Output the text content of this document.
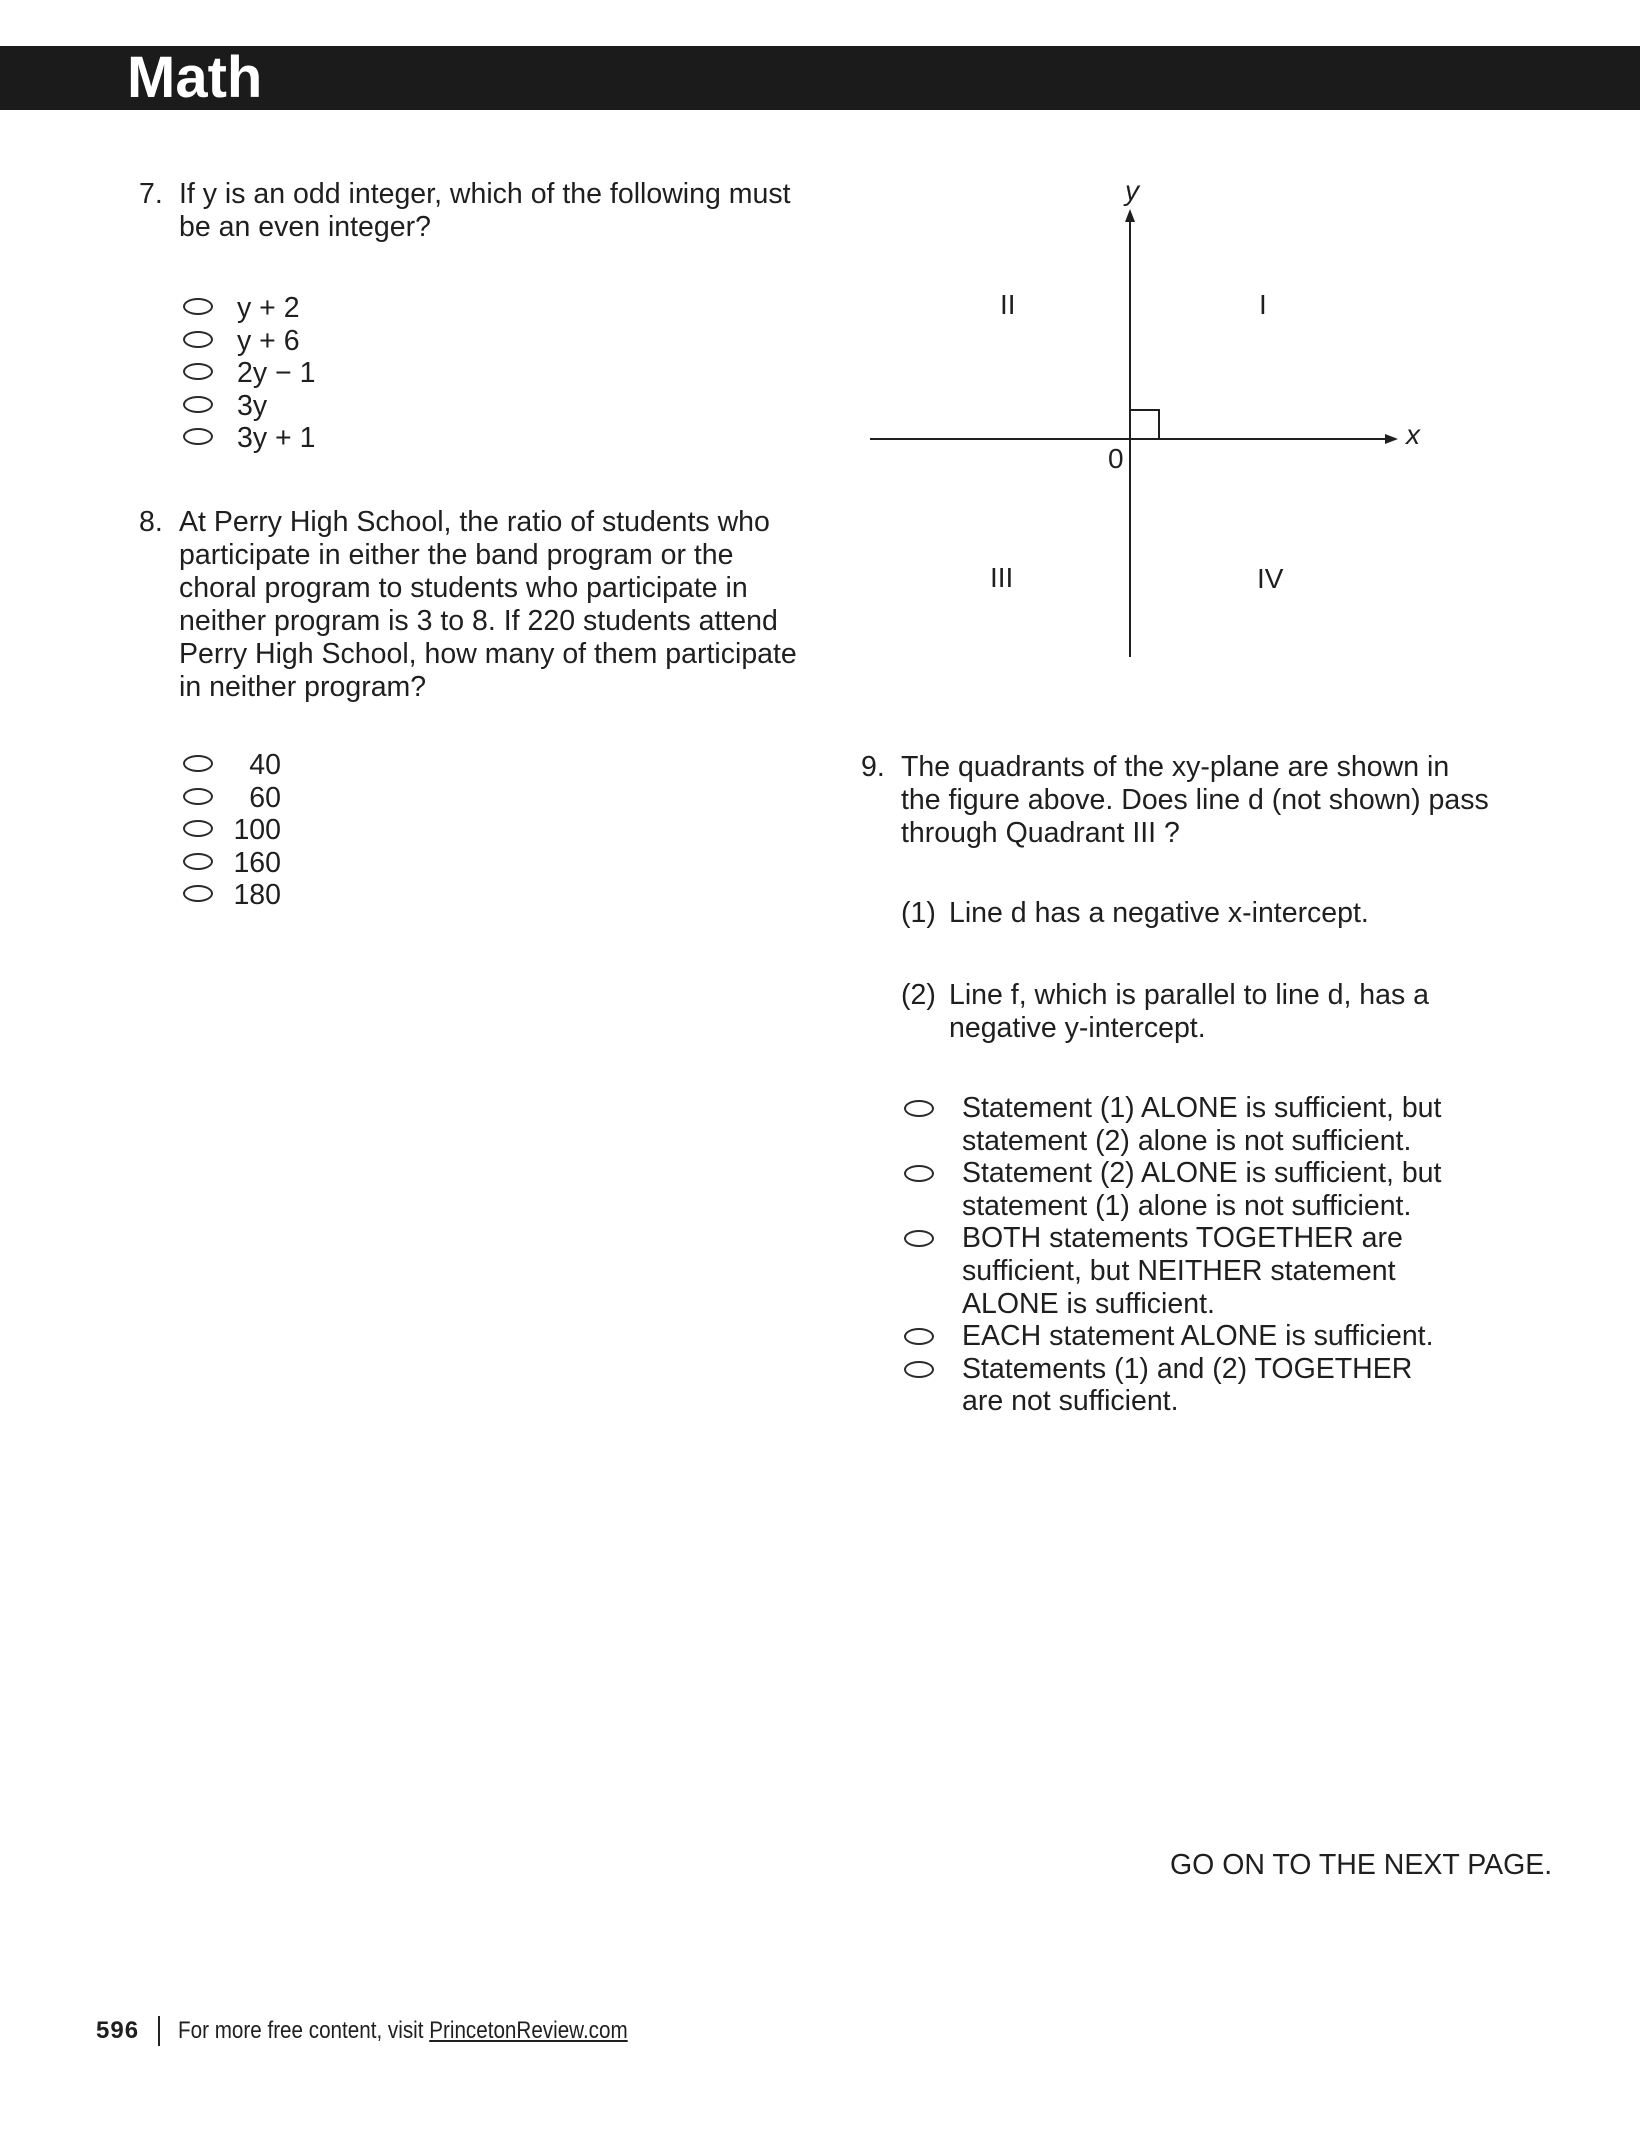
Math
7. If y is an odd integer, which of the following must
be an even integer?
y + 2
y + 6
2y − 1
3y
3y + 1
8. At Perry High School, the ratio of students who
participate in either the band program or the
choral program to students who participate in
neither program is 3 to 8. If 220 students attend
Perry High School, how many of them participate
in neither program?
40
60
100
160
180
y
x
0
I
II
III	IV
9. The quadrants of the xy-plane are shown in
the figure above. Does line d (not shown) pass
through Quadrant III ?
(1) Line d has a negative x-intercept.
(2) Line f, which is parallel to line d, has a
negative y-intercept.
Statement (1) ALONE is sufficient, but statement (2) alone is not sufficient.
Statement (2) ALONE is sufficient, but statement (1) alone is not sufficient.
BOTH statements TOGETHER are sufficient, but NEITHER statement ALONE is sufficient.
EACH statement ALONE is sufficient.
Statements (1) and (2) TOGETHER are not sufficient.
GO ON TO THE NEXT PAGE.
596 For more free content, visit PrincetonReview.com
